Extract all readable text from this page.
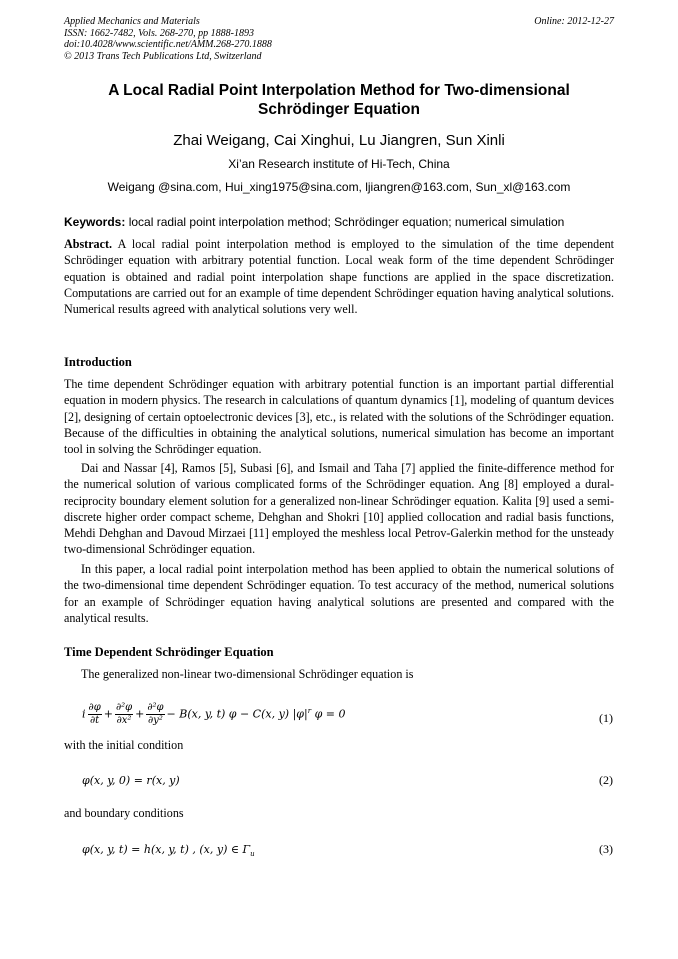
Applied Mechanics and Materials
ISSN: 1662-7482, Vols. 268-270, pp 1888-1893
doi:10.4028/www.scientific.net/AMM.268-270.1888
© 2013 Trans Tech Publications Ltd, Switzerland
Online: 2012-12-27
A Local Radial Point Interpolation Method for Two-dimensional
Schrödinger Equation
Zhai Weigang, Cai Xinghui, Lu Jiangren, Sun Xinli
Xi’an Research institute of Hi-Tech, China
Weigang @sina.com, Hui_xing1975@sina.com, ljiangren@163.com, Sun_xl@163.com
Keywords: local radial point interpolation method; Schrödinger equation; numerical simulation

Abstract. A local radial point interpolation method is employed to the simulation of the time dependent Schrödinger equation with arbitrary potential function. Local weak form of the time dependent Schrödinger equation is obtained and radial point interpolation shape functions are applied in the space discretization. Computations are carried out for an example of time dependent Schrödinger equation having analytical solutions. Numerical results agreed with analytical solutions very well.

Introduction

The time dependent Schrödinger equation with arbitrary potential function is an important partial differential equation in modern physics. The research in calculations of quantum dynamics [1], modeling of quantum devices [2], designing of certain optoelectronic devices [3], etc., is related with the solutions of the Schrödinger equation. Because of the difficulties in obtaining the analytical solutions, numerical simulation has become an important tool in solving the Schrödinger equation.

Dai and Nassar [4], Ramos [5], Subasi [6], and Ismail and Taha [7] applied the finite-difference method for the numerical solution of various complicated forms of the Schrödinger equation. Ang [8] employed a dural-reciprocity boundary element solution for a generalized non-linear Schrödinger equation. Kalita [9] used a semi-discrete higher order compact scheme, Dehghan and Shokri [10] applied collocation and radial basis functions, Mehdi Dehghan and Davoud Mirzaei [11] employed the meshless local Petrov-Galerkin method for the unsteady two-dimensional Schrödinger equation.

In this paper, a local radial point interpolation method has been applied to obtain the numerical solutions of the two-dimensional time dependent Schrödinger equation. To test accuracy of the method, numerical solutions for an example of Schrödinger equation having analytical solutions are presented and compared with the analytical results.

Time Dependent Schrödinger Equation

The generalized non-linear two-dimensional Schrödinger equation is

i $\frac{\partial\varphi}{\partial t} + \frac{\text{∂²φ}}{\text{∂x²}} + \frac{\text{∂²φ}}{\text{∂y²}} - B(x$, y, t) φ − C(x, y) $|\varphi|^r$ φ = 0	(1)

with the initial condition

φ(x, y, 0) = r(x, y)	(2)

and boundary conditions

φ(x, y, t) = h(x, y, t) , (x, y) ∈ $\Gamma_u$	(3)
